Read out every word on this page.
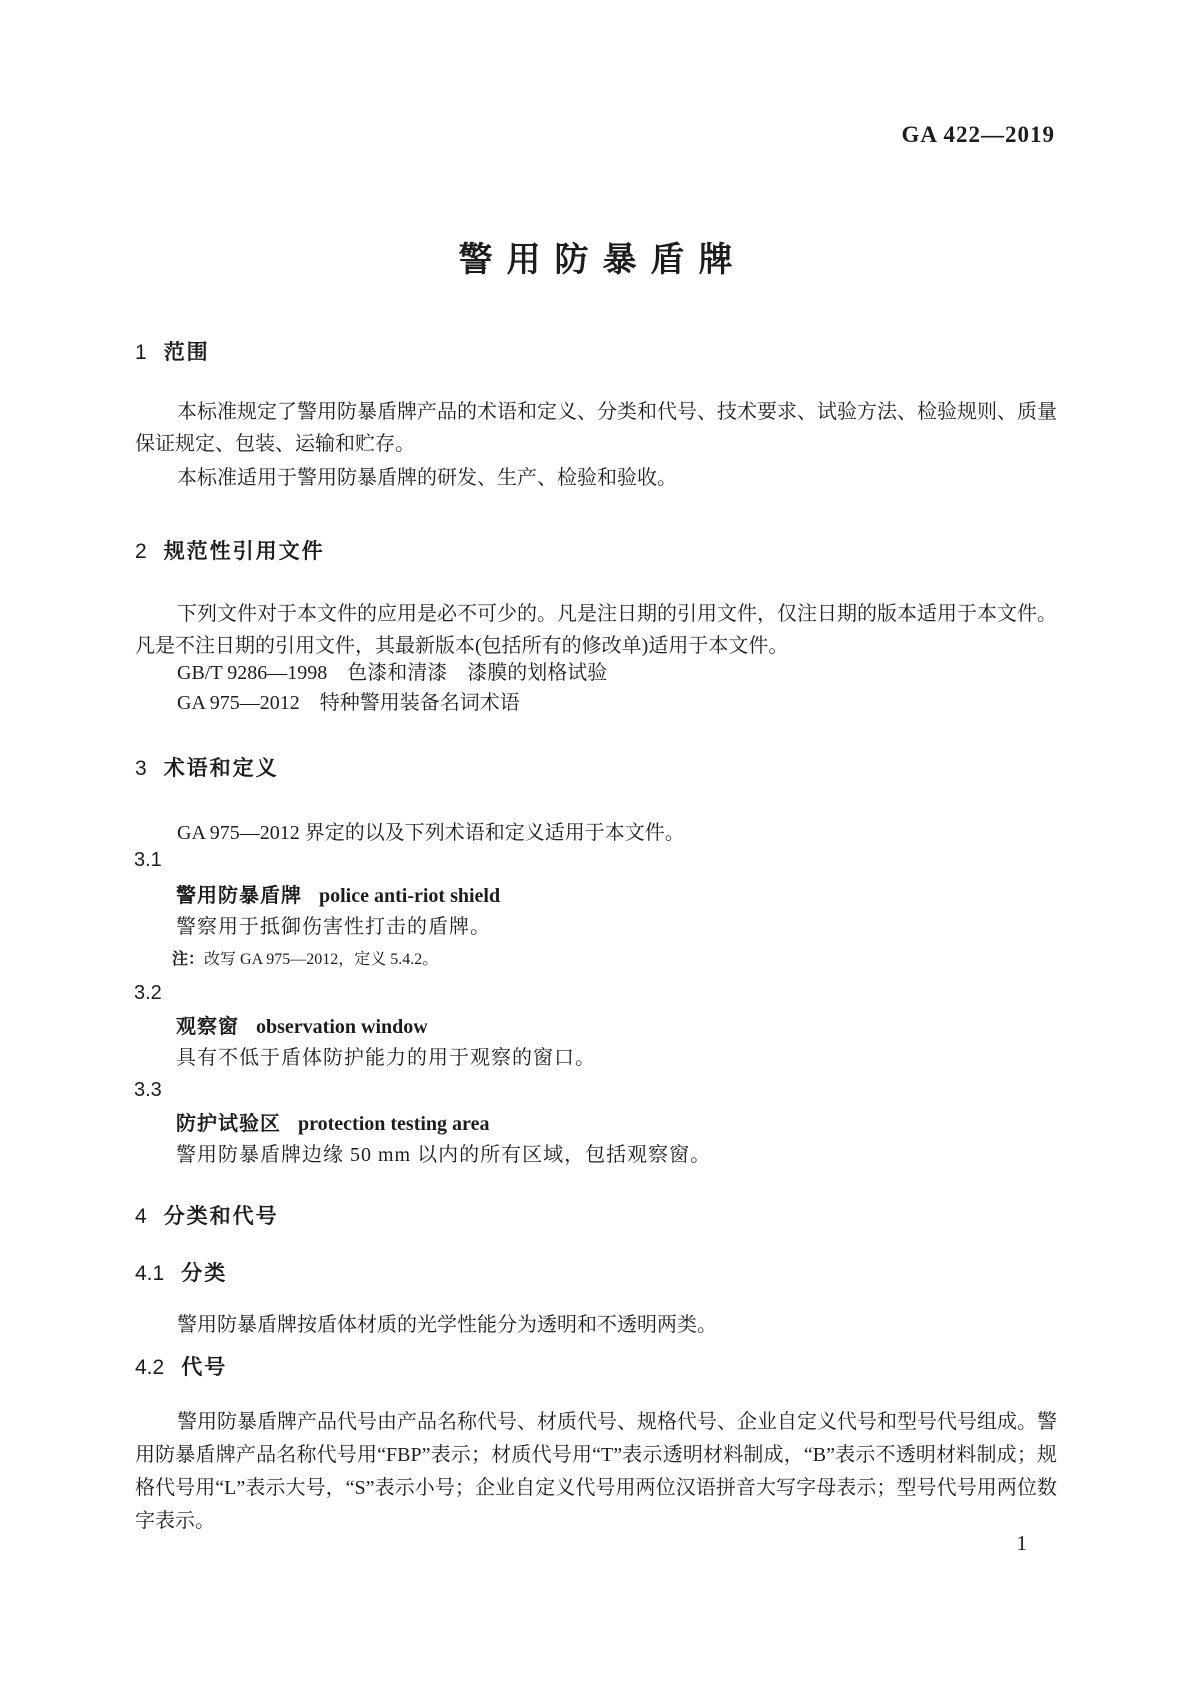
GA 422—2019
警用防暴盾牌
1 范围

本标准规定了警用防暴盾牌产品的术语和定义、分类和代号、技术要求、试验方法、检验规则、质量保证规定、包装、运输和贮存。

本标准适用于警用防暴盾牌的研发、生产、检验和验收。

2 规范性引用文件

下列文件对于本文件的应用是必不可少的。凡是注日期的引用文件，仅注日期的版本适用于本文件。凡是不注日期的引用文件，其最新版本(包括所有的修改单)适用于本文件。

GB/T 9286—1998　色漆和清漆　漆膜的划格试验

GA 975—2012　特种警用装备名词术语

3 术语和定义

GA 975—2012 界定的以及下列术语和定义适用于本文件。

3.1

警用防暴盾牌 police anti-riot shield

警察用于抵御伤害性打击的盾牌。

注：改写 GA 975—2012，定义 5.4.2。

3.2

观察窗 observation window

具有不低于盾体防护能力的用于观察的窗口。

3.3

防护试验区 protection testing area

警用防暴盾牌边缘 50 mm 以内的所有区域，包括观察窗。

4 分类和代号
4.1 分类

警用防暴盾牌按盾体材质的光学性能分为透明和不透明两类。

4.2 代号

警用防暴盾牌产品代号由产品名称代号、材质代号、规格代号、企业自定义代号和型号代号组成。警用防暴盾牌产品名称代号用“FBP”表示；材质代号用“T”表示透明材料制成，“B”表示不透明材料制成；规格代号用“L”表示大号，“S”表示小号；企业自定义代号用两位汉语拼音大写字母表示；型号代号用两位数字表示。

1
